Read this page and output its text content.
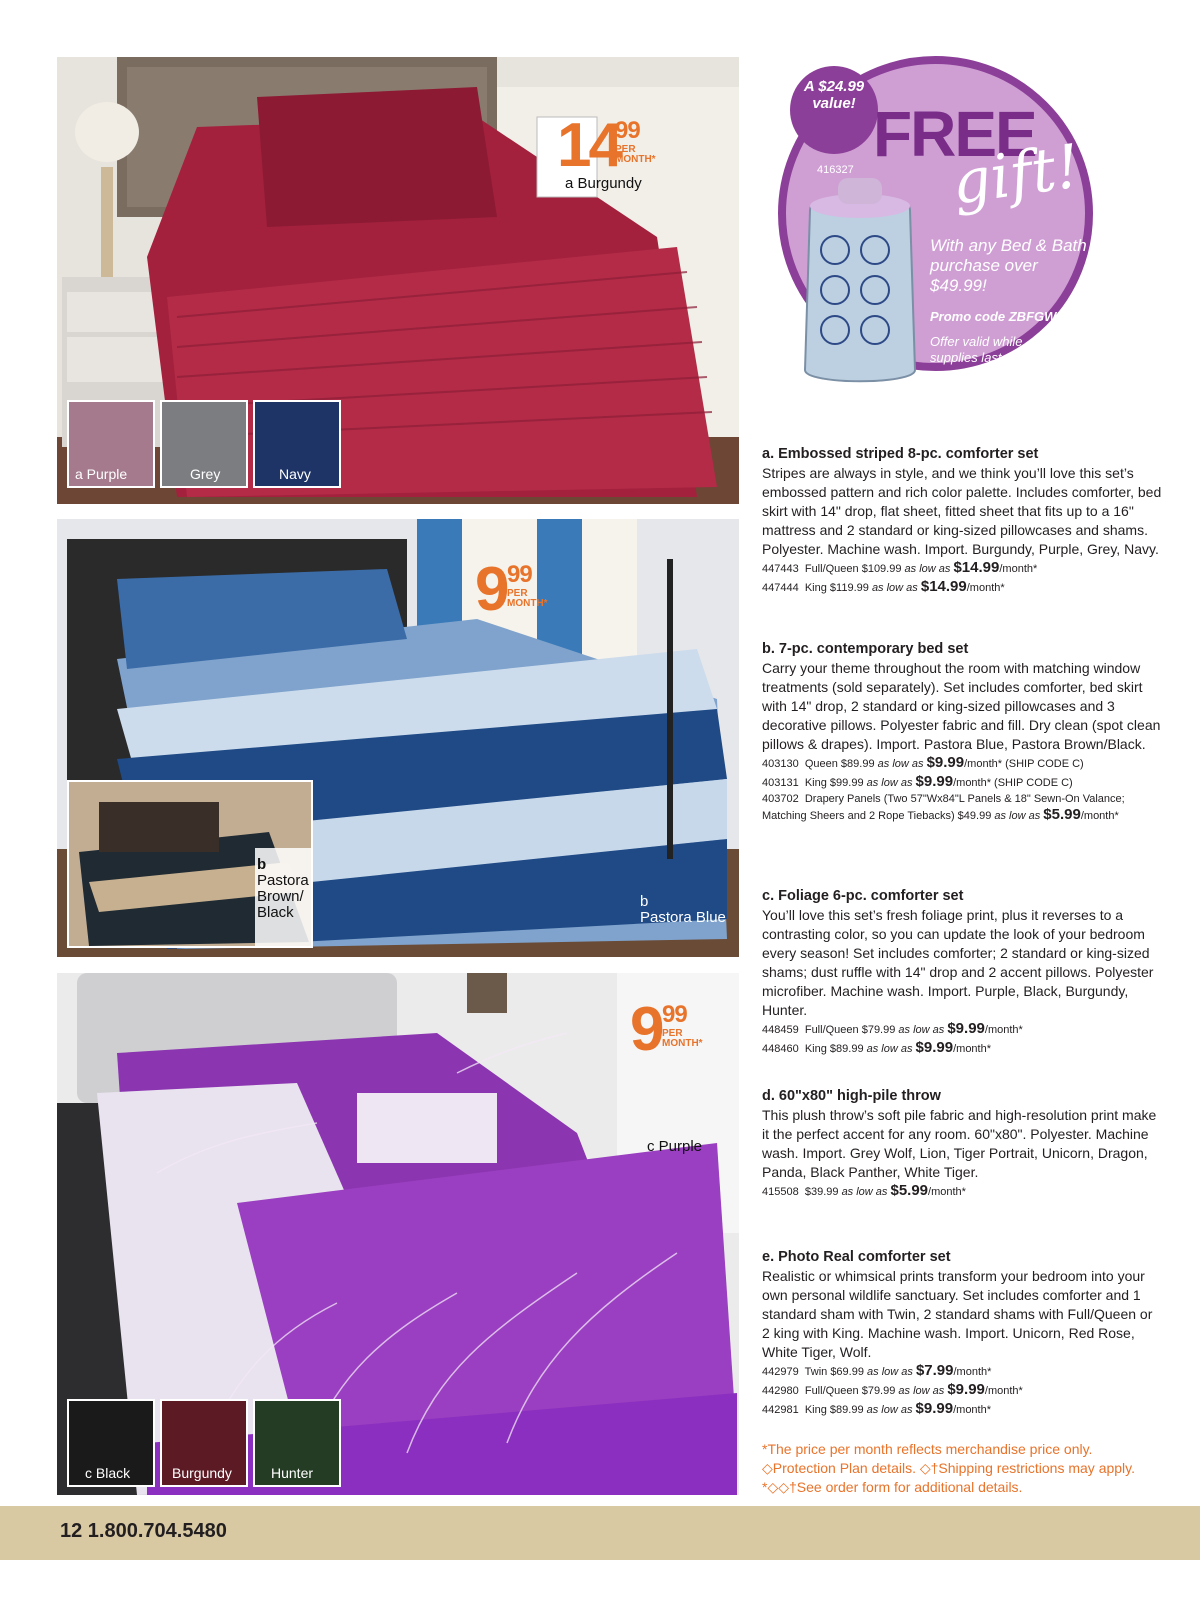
14
99
PER MONTH*
a Burgundy
a Purple	Grey	Navy
9 99
PER MONTH*
b
Pastora Blue
b
Pastora Brown/ Black
9 99
PER MONTH*
c Purple
c Black	Burgundy	Hunter
A $24.99 value! FREE
gift!
416327
With any Bed & Bath purchase over $49.99!
Promo code ZBFGWP
Offer valid while supplies last
a. Embossed striped 8-pc. comforter set

Stripes are always in style, and we think you’ll love this set’s embossed pattern and rich color palette. Includes comforter, bed skirt with 14" drop, flat sheet, fitted sheet that fits up to a 16" mattress and 2 standard or king-sized pillowcases and shams. Polyester. Machine wash. Import. Burgundy, Purple, Grey, Navy.

447443 Full/Queen $109.99 as low as $14.99/month*
447444 King $119.99 as low as $14.99/month*
b. 7-pc. contemporary bed set

Carry your theme throughout the room with matching window treatments (sold separately). Set includes comforter, bed skirt with 14" drop, 2 standard or king-sized pillowcases and 3 decorative pillows. Polyester fabric and fill. Dry clean (spot clean pillows & drapes). Import. Pastora Blue, Pastora Brown/Black.

403130 Queen $89.99 as low as $9.99/month* (SHIP CODE C)
403131 King $99.99 as low as $9.99/month* (SHIP CODE C)
403702 Drapery Panels (Two 57"Wx84"L Panels & 18" Sewn-On Valance; Matching Sheers and 2 Rope Tiebacks) $49.99 as low as $5.99/month*
c. Foliage 6-pc. comforter set

You’ll love this set’s fresh foliage print, plus it reverses to a contrasting color, so you can update the look of your bedroom every season! Set includes comforter; 2 standard or king-sized shams; dust ruffle with 14" drop and 2 accent pillows. Polyester microfiber. Machine wash. Import. Purple, Black, Burgundy, Hunter.

448459 Full/Queen $79.99 as low as $9.99/month*
448460 King $89.99 as low as $9.99/month*
d. 60"x80" high-pile throw

This plush throw’s soft pile fabric and high-resolution print make it the perfect accent for any room. 60"x80". Polyester. Machine wash. Import. Grey Wolf, Lion, Tiger Portrait, Unicorn, Dragon, Panda, Black Panther, White Tiger.

415508 $39.99 as low as $5.99/month*
e. Photo Real comforter set

Realistic or whimsical prints transform your bedroom into your own personal wildlife sanctuary. Set includes comforter and 1 standard sham with Twin, 2 standard shams with Full/Queen or 2 king with King. Machine wash. Import. Unicorn, Red Rose, White Tiger, Wolf.

442979 Twin $69.99 as low as $7.99/month*
442980 Full/Queen $79.99 as low as $9.99/month*
442981 King $89.99 as low as $9.99/month*
*The price per month reflects merchandise price only. ◇Protection Plan details. ◇†Shipping restrictions may apply. *◇◇†See order form for additional details.
12 1.800.704.5480
